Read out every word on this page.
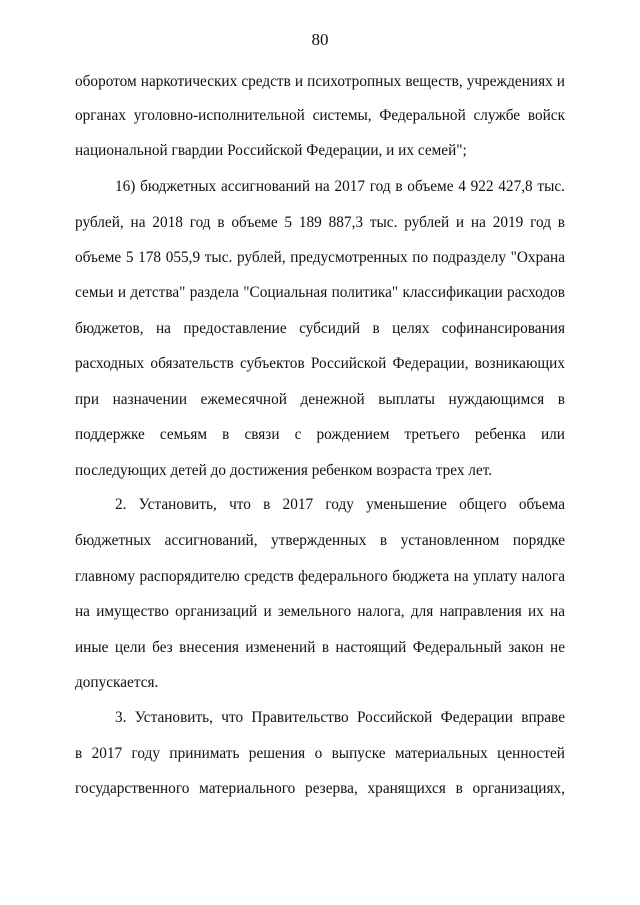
80
оборотом наркотических средств и психотропных веществ, учреждениях и
органах уголовно-исполнительной системы, Федеральной службе войск
национальной гвардии Российской Федерации, и их семей";
16) бюджетных ассигнований на 2017 год в объеме 4 922 427,8 тыс.
рублей, на 2018 год в объеме 5 189 887,3 тыс. рублей и на 2019 год в
объеме 5 178 055,9 тыс. рублей, предусмотренных по подразделу "Охрана
семьи и детства" раздела "Социальная политика" классификации расходов
бюджетов, на предоставление субсидий в целях софинансирования
расходных обязательств субъектов Российской Федерации, возникающих
при назначении ежемесячной денежной выплаты нуждающимся в
поддержке семьям в связи с рождением третьего ребенка или
последующих детей до достижения ребенком возраста трех лет.
2. Установить, что в 2017 году уменьшение общего объема
бюджетных ассигнований, утвержденных в установленном порядке
главному распорядителю средств федерального бюджета на уплату налога
на имущество организаций и земельного налога, для направления их на
иные цели без внесения изменений в настоящий Федеральный закон не
допускается.
3. Установить, что Правительство Российской Федерации вправе
в 2017 году принимать решения о выпуске материальных ценностей
государственного материального резерва, хранящихся в организациях,
